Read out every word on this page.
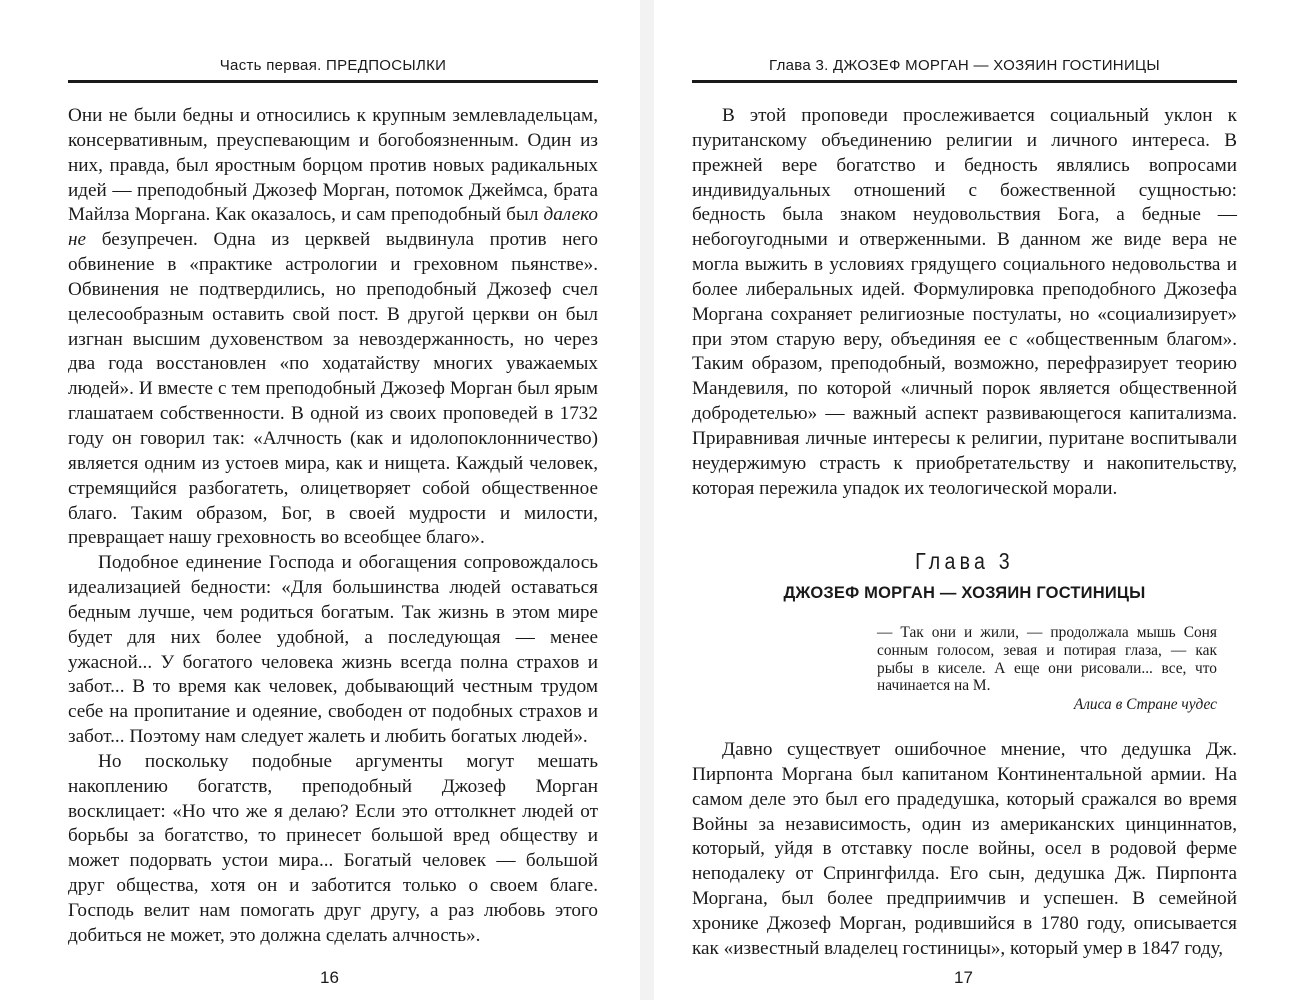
Часть первая. ПРЕДПОСЫЛКИ

Они не были бедны и относились к крупным землевладельцам, консервативным, преуспевающим и богобоязненным. Один из них, правда, был яростным борцом против новых радикальных идей — преподобный Джозеф Морган, потомок Джеймса, брата Майлза Моргана. Как оказалось, и сам преподобный был далеко не безупречен. Одна из церквей выдвинула против него обвинение в «практике астрологии и греховном пьянстве». Обвинения не подтвердились, но преподобный Джозеф счел целесообразным оставить свой пост. В другой церкви он был изгнан высшим духовенством за невоздержанность, но через два года восстановлен «по ходатайству многих уважаемых людей». И вместе с тем преподобный Джозеф Морган был ярым глашатаем собственности. В одной из своих проповедей в 1732 году он говорил так: «Алчность (как и идолопоклонничество) является одним из устоев мира, как и нищета. Каждый человек, стремящийся разбогатеть, олицетворяет собой общественное благо. Таким образом, Бог, в своей мудрости и милости, превращает нашу греховность во всеобщее благо».

Подобное единение Господа и обогащения сопровождалось идеализацией бедности: «Для большинства людей оставаться бедным лучше, чем родиться богатым. Так жизнь в этом мире будет для них более удобной, а последующая — менее ужасной... У богатого человека жизнь всегда полна страхов и забот... В то время как человек, добывающий честным трудом себе на пропитание и одеяние, свободен от подобных страхов и забот... Поэтому нам следует жалеть и любить богатых людей».

Но поскольку подобные аргументы могут мешать накоплению богатств, преподобный Джозеф Морган восклицает: «Но что же я делаю? Если это оттолкнет людей от борьбы за богатство, то принесет большой вред обществу и может подорвать устои мира... Богатый человек — большой друг общества, хотя он и заботится только о своем благе. Господь велит нам помогать друг другу, а раз любовь этого добиться не может, это должна сделать алчность».

16
Глава 3. ДЖОЗЕФ МОРГАН — ХОЗЯИН ГОСТИНИЦЫ

В этой проповеди прослеживается социальный уклон к пуританскому объединению религии и личного интереса. В прежней вере богатство и бедность являлись вопросами индивидуальных отношений с божественной сущностью: бедность была знаком неудовольствия Бога, а бедные — небогоугодными и отверженными. В данном же виде вера не могла выжить в условиях грядущего социального недовольства и более либеральных идей. Формулировка преподобного Джозефа Моргана сохраняет религиозные постулаты, но «социализирует» при этом старую веру, объединяя ее с «общественным благом». Таким образом, преподобный, возможно, перефразирует теорию Мандевиля, по которой «личный порок является общественной добродетелью» — важный аспект развивающегося капитализма. Приравнивая личные интересы к религии, пуритане воспитывали неудержимую страсть к приобретательству и накопительству, которая пережила упадок их теологической морали.

Глава 3
ДЖОЗЕФ МОРГАН — ХОЗЯИН ГОСТИНИЦЫ

— Так они и жили, — продолжала мышь Соня сонным голосом, зевая и потирая глаза, — как рыбы в киселе. А еще они рисовали... все, что начинается на М.

Алиса в Стране чудес

Давно существует ошибочное мнение, что дедушка Дж. Пирпонта Моргана был капитаном Континентальной армии. На самом деле это был его прадедушка, который сражался во время Войны за независимость, один из американских цинциннатов, который, уйдя в отставку после войны, осел в родовой ферме неподалеку от Спрингфилда. Его сын, дедушка Дж. Пирпонта Моргана, был более предприимчив и успешен. В семейной хронике Джозеф Морган, родившийся в 1780 году, описывается как «известный владелец гостиницы», который умер в 1847 году,

17
